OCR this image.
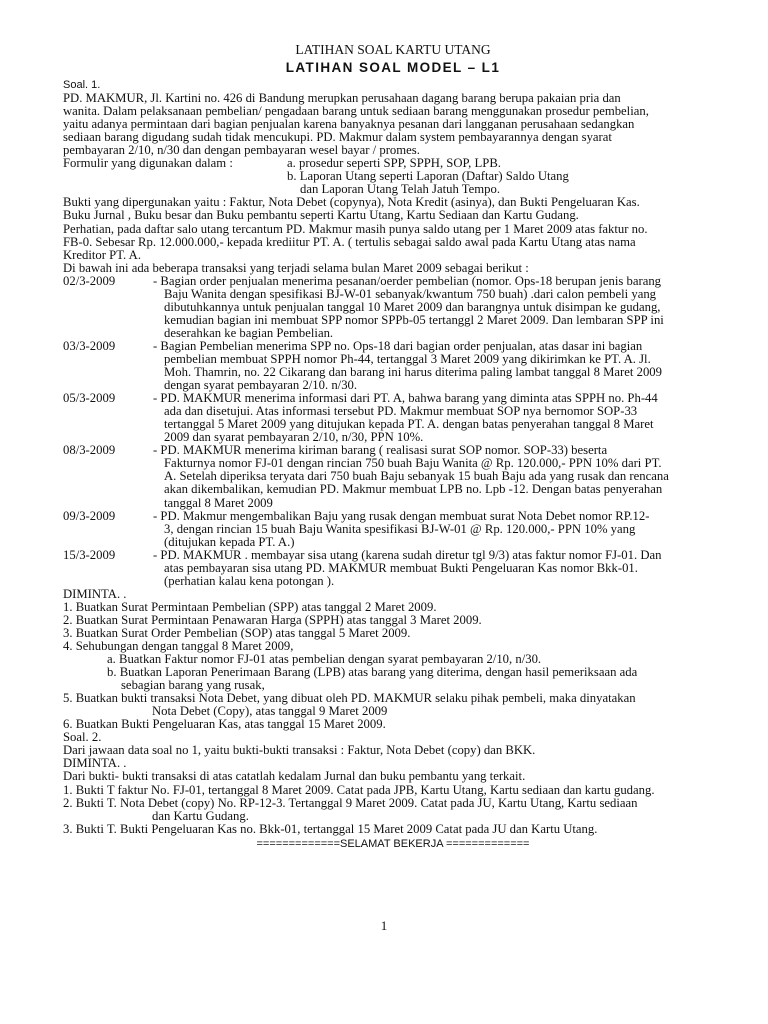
LATIHAN SOAL KARTU UTANG
LATIHAN SOAL MODEL – L1
Soal. 1.
PD. MAKMUR, Jl. Kartini no. 426 di Bandung merupkan perusahaan dagang barang berupa pakaian pria dan
wanita. Dalam pelaksanaan pembelian/ pengadaan barang untuk sediaan barang menggunakan prosedur pembelian,
yaitu adanya permintaan dari bagian penjualan karena banyaknya pesanan dari langganan perusahaan sedangkan
sediaan barang digudang sudah tidak mencukupi. PD. Makmur dalam system pembayarannya dengan syarat
pembayaran 2/10, n/30 dan dengan pembayaran wesel bayar / promes.
Formulir yang digunakan dalam :	a. prosedur seperti SPP, SPPH, SOP, LPB.
b. Laporan Utang seperti Laporan (Daftar) Saldo Utang
dan Laporan Utang Telah Jatuh Tempo.
Bukti yang dipergunakan yaitu : Faktur, Nota Debet (copynya), Nota Kredit (asinya), dan Bukti Pengeluaran Kas.
Buku Jurnal , Buku besar dan Buku pembantu seperti Kartu Utang, Kartu Sediaan dan Kartu Gudang.
Perhatian, pada daftar salo utang tercantum PD. Makmur masih punya saldo utang per 1 Maret 2009 atas faktur no.
FB-0. Sebesar Rp. 12.000.000,- kepada krediitur PT. A. ( tertulis sebagai saldo awal pada Kartu Utang atas nama
Kreditor PT. A.
Di bawah ini ada beberapa transaksi yang terjadi selama bulan Maret 2009 sebagai berikut :
02/3-2009	- Bagian order penjualan menerima pesanan/oerder pembelian (nomor. Ops-18 berupan jenis barang
Baju Wanita dengan spesifikasi BJ-W-01 sebanyak/kwantum 750 buah) .dari calon pembeli yang
dibutuhkannya untuk penjualan tanggal 10 Maret 2009 dan barangnya untuk disimpan ke gudang,
kemudian bagian ini membuat SPP nomor SPPb-05 tertanggl 2 Maret 2009. Dan lembaran SPP ini
deserahkan ke bagian Pembelian.
03/3-2009	- Bagian Pembelian menerima SPP no. Ops-18 dari bagian order penjualan, atas dasar ini bagian
pembelian membuat SPPH nomor Ph-44, tertanggal 3 Maret 2009 yang dikirimkan ke PT. A. Jl.
Moh. Thamrin, no. 22 Cikarang dan barang ini harus diterima paling lambat tanggal 8 Maret 2009
dengan syarat pembayaran 2/10. n/30.
05/3-2009	- PD. MAKMUR menerima informasi dari PT. A, bahwa barang yang diminta atas SPPH no. Ph-44
ada dan disetujui. Atas informasi tersebut PD. Makmur membuat SOP nya bernomor SOP-33
tertanggal 5 Maret 2009 yang ditujukan kepada PT. A. dengan batas penyerahan tanggal 8 Maret
2009 dan syarat pembayaran 2/10, n/30, PPN 10%.
08/3-2009	- PD. MAKMUR menerima kiriman barang ( realisasi surat SOP nomor. SOP-33) beserta
Fakturnya nomor FJ-01 dengan rincian 750 buah Baju Wanita @ Rp. 120.000,- PPN 10% dari PT.
A. Setelah diperiksa teryata dari 750 buah Baju sebanyak 15 buah Baju ada yang rusak dan rencana
akan dikembalikan, kemudian PD. Makmur membuat LPB no. Lpb -12. Dengan batas penyerahan
tanggal 8 Maret 2009
09/3-2009	- PD. Makmur mengembalikan Baju yang rusak dengan membuat surat Nota Debet nomor RP.12-
3, dengan rincian 15 buah Baju Wanita spesifikasi BJ-W-01 @ Rp. 120.000,- PPN 10% yang
(ditujukan kepada PT. A.)
15/3-2009	- PD. MAKMUR . membayar sisa utang (karena sudah diretur tgl 9/3) atas faktur nomor FJ-01. Dan
atas pembayaran sisa utang PD. MAKMUR membuat Bukti Pengeluaran Kas nomor Bkk-01.
(perhatian kalau kena potongan ).
DIMINTA. .
1. Buatkan Surat Permintaan Pembelian (SPP) atas tanggal 2 Maret 2009.
2. Buatkan Surat Permintaan Penawaran Harga (SPPH) atas tanggal 3 Maret 2009.
3. Buatkan Surat Order Pembelian (SOP) atas tanggal 5 Maret 2009.
4. Sehubungan dengan tanggal 8 Maret 2009,
a. Buatkan Faktur nomor FJ-01 atas pembelian dengan syarat pembayaran 2/10, n/30.
b. Buatkan Laporan Penerimaan Barang (LPB) atas barang yang diterima, dengan hasil pemeriksaan ada
sebagian barang yang rusak,
5. Buatkan bukti transaksi Nota Debet, yang dibuat oleh PD. MAKMUR selaku pihak pembeli, maka dinyatakan
Nota Debet (Copy), atas tanggal 9 Maret 2009
6. Buatkan Bukti Pengeluaran Kas, atas tanggal 15 Maret 2009.
Soal. 2.
Dari jawaan data soal no 1, yaitu bukti-bukti transaksi : Faktur, Nota Debet (copy) dan BKK.
DIMINTA. .
Dari bukti- bukti transaksi di atas catatlah kedalam Jurnal dan buku pembantu yang terkait.
1. Bukti T faktur No. FJ-01, tertanggal 8 Maret 2009. Catat pada JPB, Kartu Utang, Kartu sediaan dan kartu gudang.
2. Bukti T. Nota Debet (copy) No. RP-12-3. Tertanggal 9 Maret 2009. Catat pada JU, Kartu Utang, Kartu sediaan
dan Kartu Gudang.
3. Bukti T. Bukti Pengeluaran Kas no. Bkk-01, tertanggal 15 Maret 2009 Catat pada JU dan Kartu Utang.
=============SELAMAT BEKERJA =============
1
